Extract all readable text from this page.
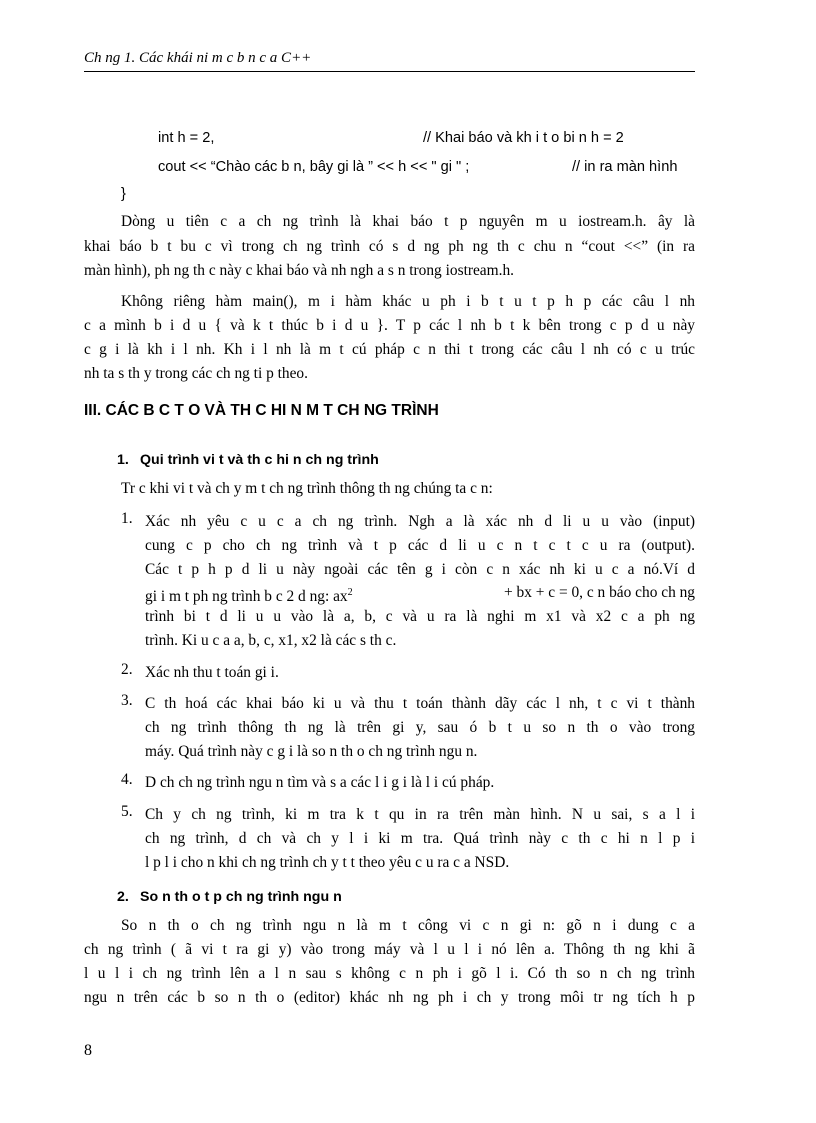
Ch ng 1. Các khái ni m c b n c a C++
int h = 2,	// Khai báo và kh i t o bi n h = 2
cout << “Chào các b n, bây gi là ” << h << " gi " ;	// in ra màn hình
}
Dòng u tiên c a ch ng trình là khai báo t p nguyên m u iostream.h. ây là
khai báo b t bu c vì trong ch ng trình có s d ng ph ng th c chu n “cout <<” (in ra
màn hình), ph ng th c này c khai báo và nh ngh a s n trong iostream.h.
Không riêng hàm main(), m i hàm khác u ph i b t u t p h p các câu l nh
c a mình b i d u { và k t thúc b i d u }. T p các l nh b t k bên trong c p d u này
c g i là kh i l nh. Kh i l nh là m t cú pháp c n thi t trong các câu l nh có c u trúc
nh ta s th y trong các ch ng ti p theo.
III. CÁC B C T O VÀ TH C HI N M T CH NG TRÌNH
1. Qui trình vi t và th c hi n ch ng trình
Tr c khi vi t và ch y m t ch ng trình thông th ng chúng ta c n:
1. Xác nh yêu c u c a ch ng trình. Ngh a là xác nh d li u u vào (input)
cung c p cho ch ng trình và t p các d li u c n t c t c u ra (output).
Các t p h p d li u này ngoài các tên g i còn c n xác nh ki u c a nó.Ví d
gi i m t ph ng trình b c 2 d ng: $ax^2$	+ bx + c = 0, c n báo cho ch ng
trình bi t d li u u vào là a, b, c và u ra là nghi m x1 và x2 c a ph ng
trình. Ki u c a a, b, c, x1, x2 là các s th c.
2. Xác nh thu t toán gi i.
3. C th hoá các khai báo ki u và thu t toán thành dãy các l nh, t c vi t thành
ch ng trình thông th ng là trên gi y, sau ó b t u so n th o vào trong
máy. Quá trình này c g i là so n th o ch ng trình ngu n.
4. D ch ch ng trình ngu n tìm và s a các l i g i là l i cú pháp.
5. Ch y ch ng trình, ki m tra k t qu in ra trên màn hình. N u sai, s a l i
ch ng trình, d ch và ch y l i ki m tra. Quá trình này c th c hi n l p i
l p l i cho n khi ch ng trình ch y t t theo yêu c u ra c a NSD.
2. So n th o t p ch ng trình ngu n
So n th o ch ng trình ngu n là m t công vi c n gi n: gõ n i dung c a
ch ng trình ( ã vi t ra gi y) vào trong máy và l u l i nó lên a. Thông th ng khi ã
l u l i ch ng trình lên a l n sau s không c n ph i gõ l i. Có th so n ch ng trình
ngu n trên các b so n th o (editor) khác nh ng ph i ch y trong môi tr ng tích h p
8
